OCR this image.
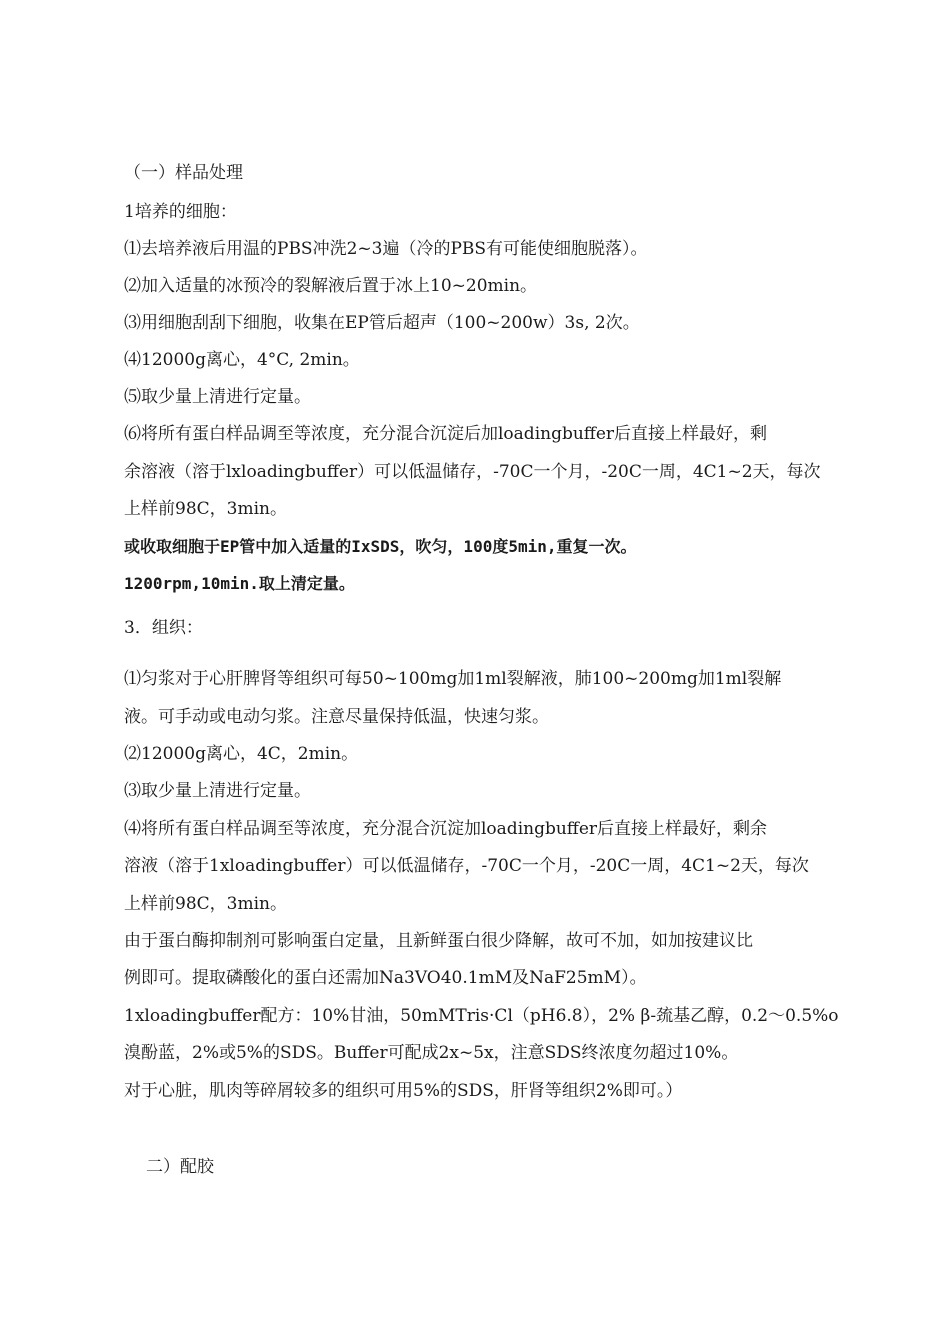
（一）样品处理
1培养的细胞：
⑴去培养液后用温的PBS冲洗2~3遍（冷的PBS有可能使细胞脱落）。
⑵加入适量的冰预冷的裂解液后置于冰上10~20min。
⑶用细胞刮刮下细胞，收集在EP管后超声（100~200w）3s, 2次。
⑷12000g离心，4°C, 2min。
⑸取少量上清进行定量。
⑹将所有蛋白样品调至等浓度，充分混合沉淀后加loadingbuffer后直接上样最好，剩
余溶液（溶于lxloadingbuffer）可以低温储存，-70C一个月，-20C一周，4C1~2天，每次
上样前98C，3min。
或收取细胞于EP管中加入适量的IxSDS，吹匀，100度5min,重复一次。
1200rpm,10min.取上清定量。
3．组织：
⑴匀浆对于心肝脾肾等组织可每50~100mg加1ml裂解液，肺100~200mg加1ml裂解
液。可手动或电动匀浆。注意尽量保持低温，快速匀浆。
⑵12000g离心，4C，2min。
⑶取少量上清进行定量。
⑷将所有蛋白样品调至等浓度，充分混合沉淀加loadingbuffer后直接上样最好，剩余
溶液（溶于1xloadingbuffer）可以低温储存，-70C一个月，-20C一周，4C1~2天，每次
上样前98C，3min。
由于蛋白酶抑制剂可影响蛋白定量，且新鲜蛋白很少降解，故可不加，如加按建议比
例即可。提取磷酸化的蛋白还需加Na3VO40.1mM及NaF25mM）。
1xloadingbuffer配方：10%甘油，50mMTris·Cl（pH6.8），2% β-巯基乙醇，0.2〜0.5%o
溴酚蓝，2%或5%的SDS。Buffer可配成2x~5x，注意SDS终浓度勿超过10%。
对于心脏，肌肉等碎屑较多的组织可用5%的SDS，肝肾等组织2%即可。）
二）配胶
